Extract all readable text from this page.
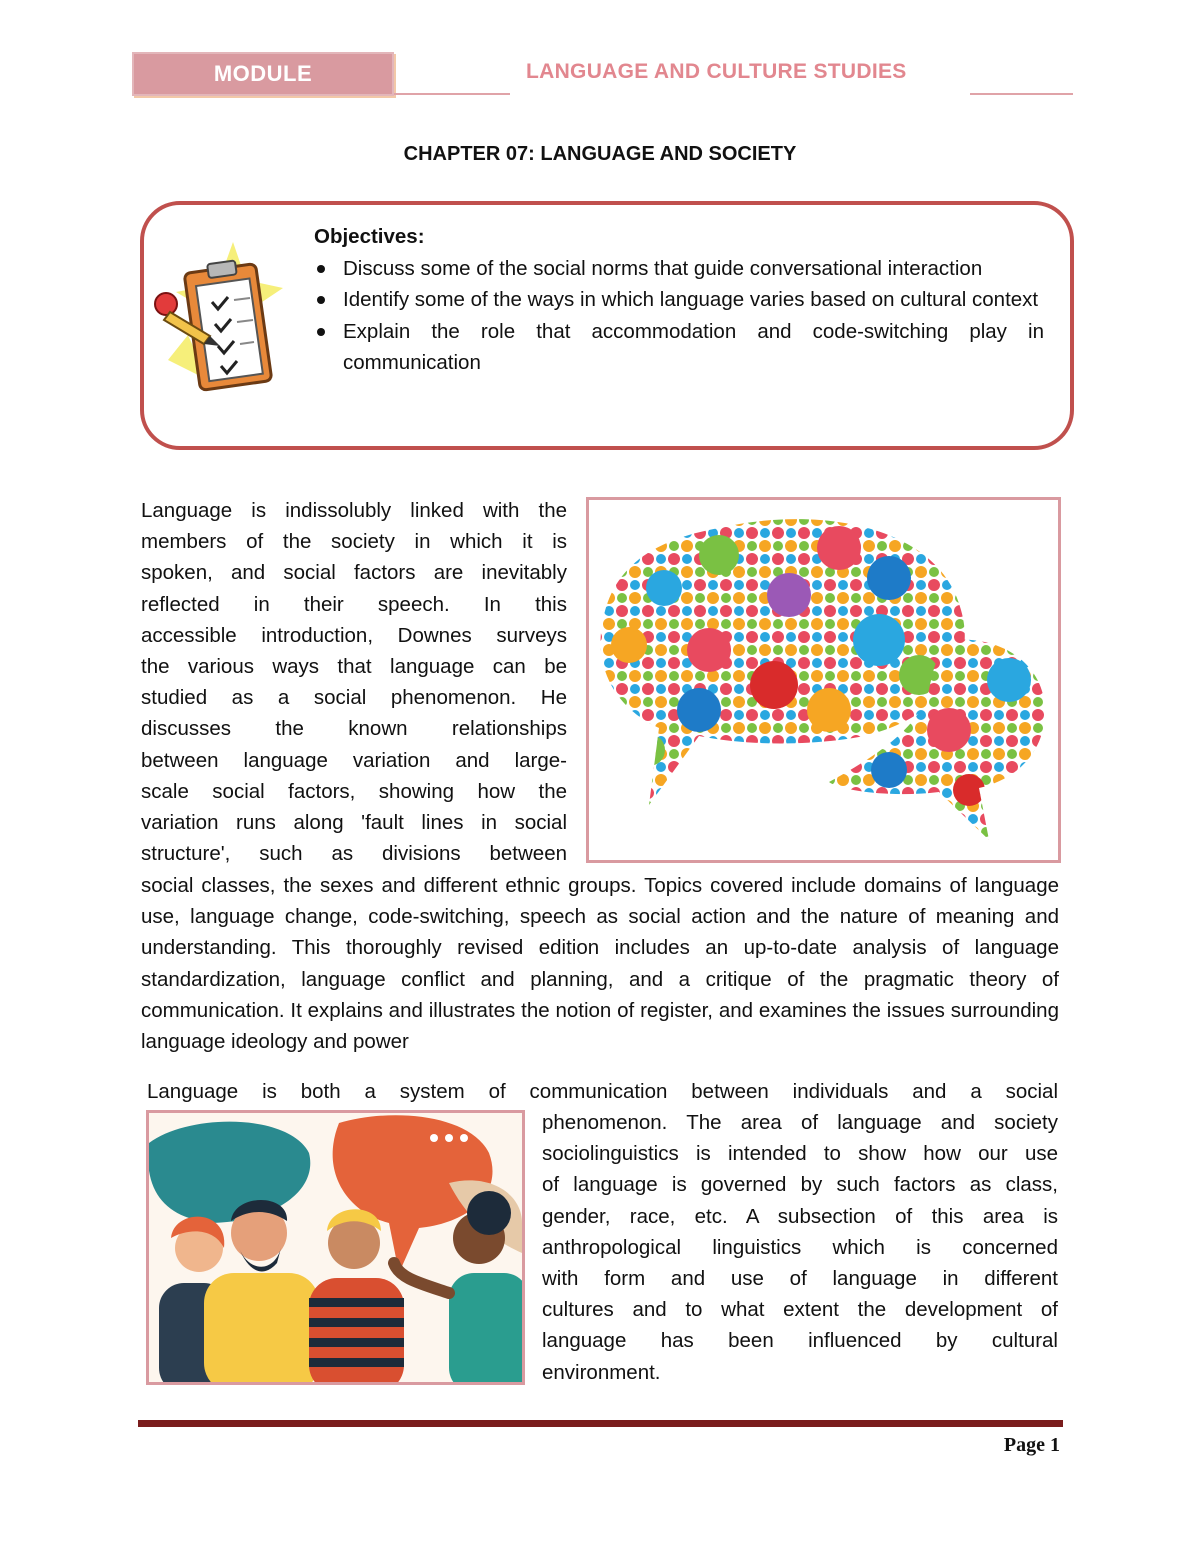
MODULE	LANGUAGE AND CULTURE STUDIES
CHAPTER 07: LANGUAGE AND SOCIETY
Objectives:
Discuss some of the social norms that guide conversational interaction
Identify some of the ways in which language varies based on cultural context
Explain the role that accommodation and code-switching play in communication
Language is indissolubly linked with the
members of the society in which it is
spoken, and social factors are inevitably
reflected in their speech. In this
accessible introduction, Downes surveys
the various ways that language can be
studied as a social phenomenon. He
discusses the known relationships
between language variation and large-
scale social factors, showing how the
variation runs along 'fault lines in social
structure', such as divisions between
social classes, the sexes and different ethnic groups. Topics covered include domains of language use, language change, code-switching, speech as social action and the nature of meaning and understanding. This thoroughly revised edition includes an up-to-date analysis of language standardization, language conflict and planning, and a critique of the pragmatic theory of communication. It explains and illustrates the notion of register, and examines the issues surrounding language ideology and power
Language is both a system of communication between individuals and a social
phenomenon. The area of language and society
sociolinguistics is intended to show how our use
of language is governed by such factors as class,
gender, race, etc. A subsection of this area is
anthropological linguistics which is concerned
with form and use of language in different
cultures and to what extent the development of
language has been influenced by cultural
environment.
Page 1
